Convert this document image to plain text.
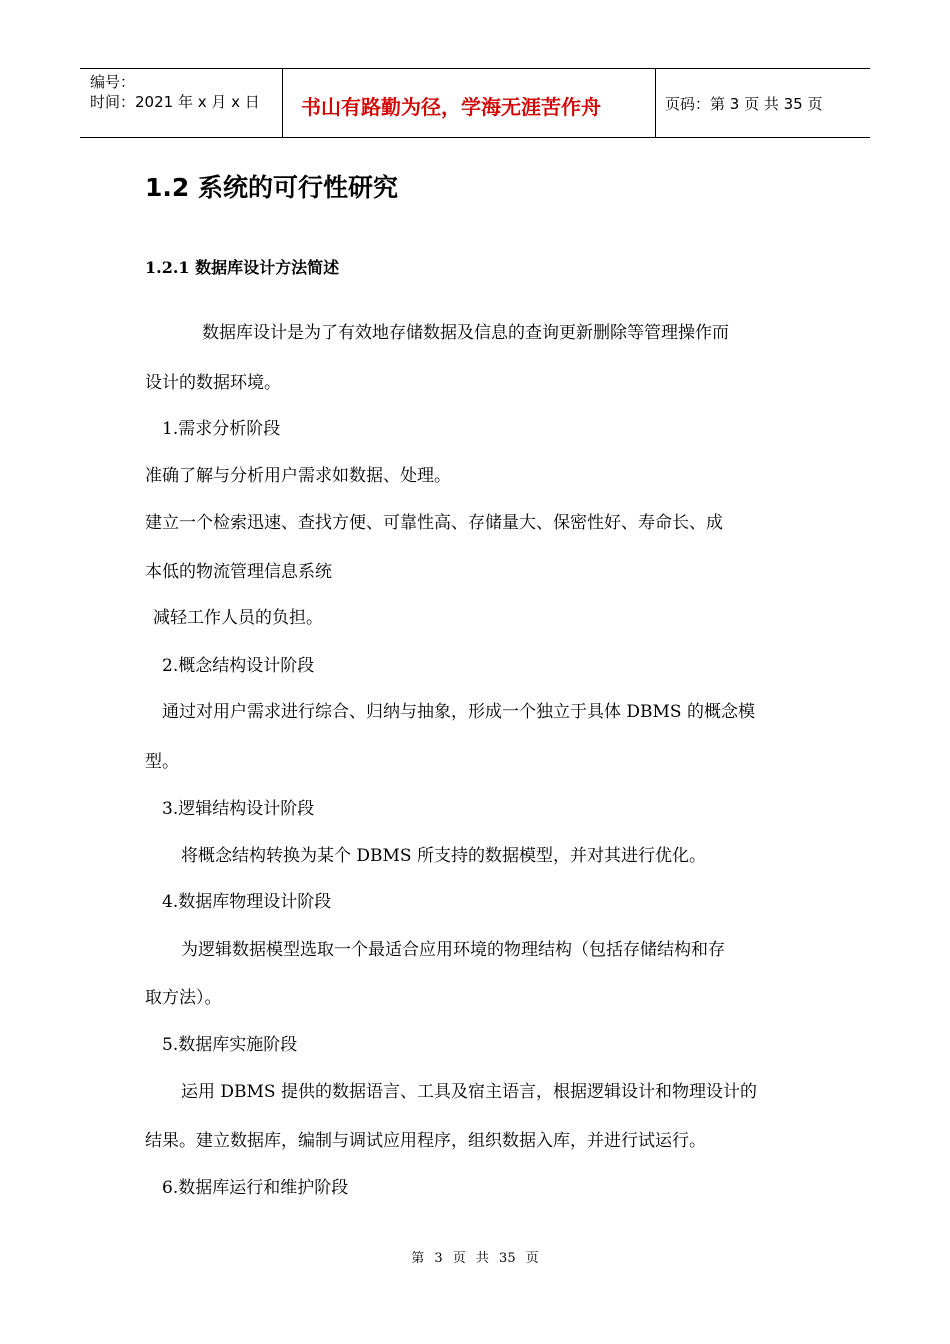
编号：
时间：2021 年 x 月 x 日 书山有路勤为径，学海无涯苦作舟	页码：第 3 页 共 35 页
1.2 系统的可行性研究
1.2.1 数据库设计方法简述
数据库设计是为了有效地存储数据及信息的查询更新删除等管理操作而
设计的数据环境。
1.需求分析阶段
准确了解与分析用户需求如数据、处理。
建立一个检索迅速、查找方便、可靠性高、存储量大、保密性好、寿命长、成
本低的物流管理信息系统
减轻工作人员的负担。
2.概念结构设计阶段
通过对用户需求进行综合、归纳与抽象，形成一个独立于具体 DBMS 的概念模
型。
3.逻辑结构设计阶段
将概念结构转换为某个 DBMS 所支持的数据模型，并对其进行优化。
4.数据库物理设计阶段
为逻辑数据模型选取一个最适合应用环境的物理结构（包括存储结构和存
取方法）。
5.数据库实施阶段
运用 DBMS 提供的数据语言、工具及宿主语言，根据逻辑设计和物理设计的
结果。建立数据库，编制与调试应用程序，组织数据入库，并进行试运行。
6.数据库运行和维护阶段
第 3 页 共 35 页
